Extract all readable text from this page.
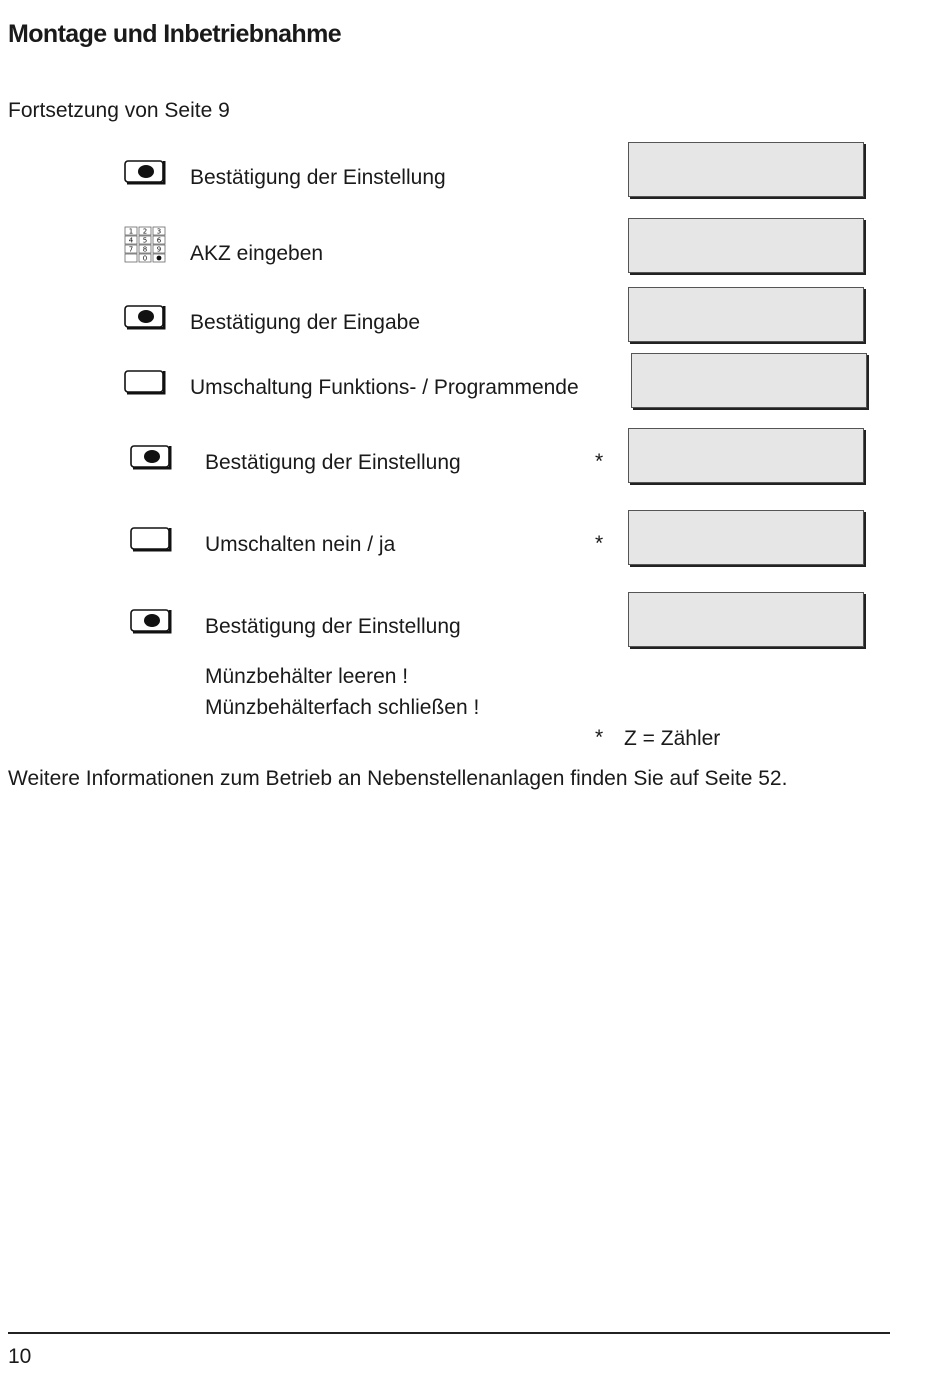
Montage und Inbetriebnahme
Fortsetzung von Seite 9
Bestätigung der Einstellung
1 2 3
4 5 6
7 8 9
0 AKZ eingeben
Bestätigung der Eingabe
Umschaltung Funktions- / Programmende
Bestätigung der Einstellung	*
Umschalten nein / ja	*
Bestätigung der Einstellung
Münzbehälter leeren !
Münzbehälterfach schließen !
* Z = Zähler
Weitere Informationen zum Betrieb an Nebenstellenanlagen finden Sie auf Seite 52.
10
